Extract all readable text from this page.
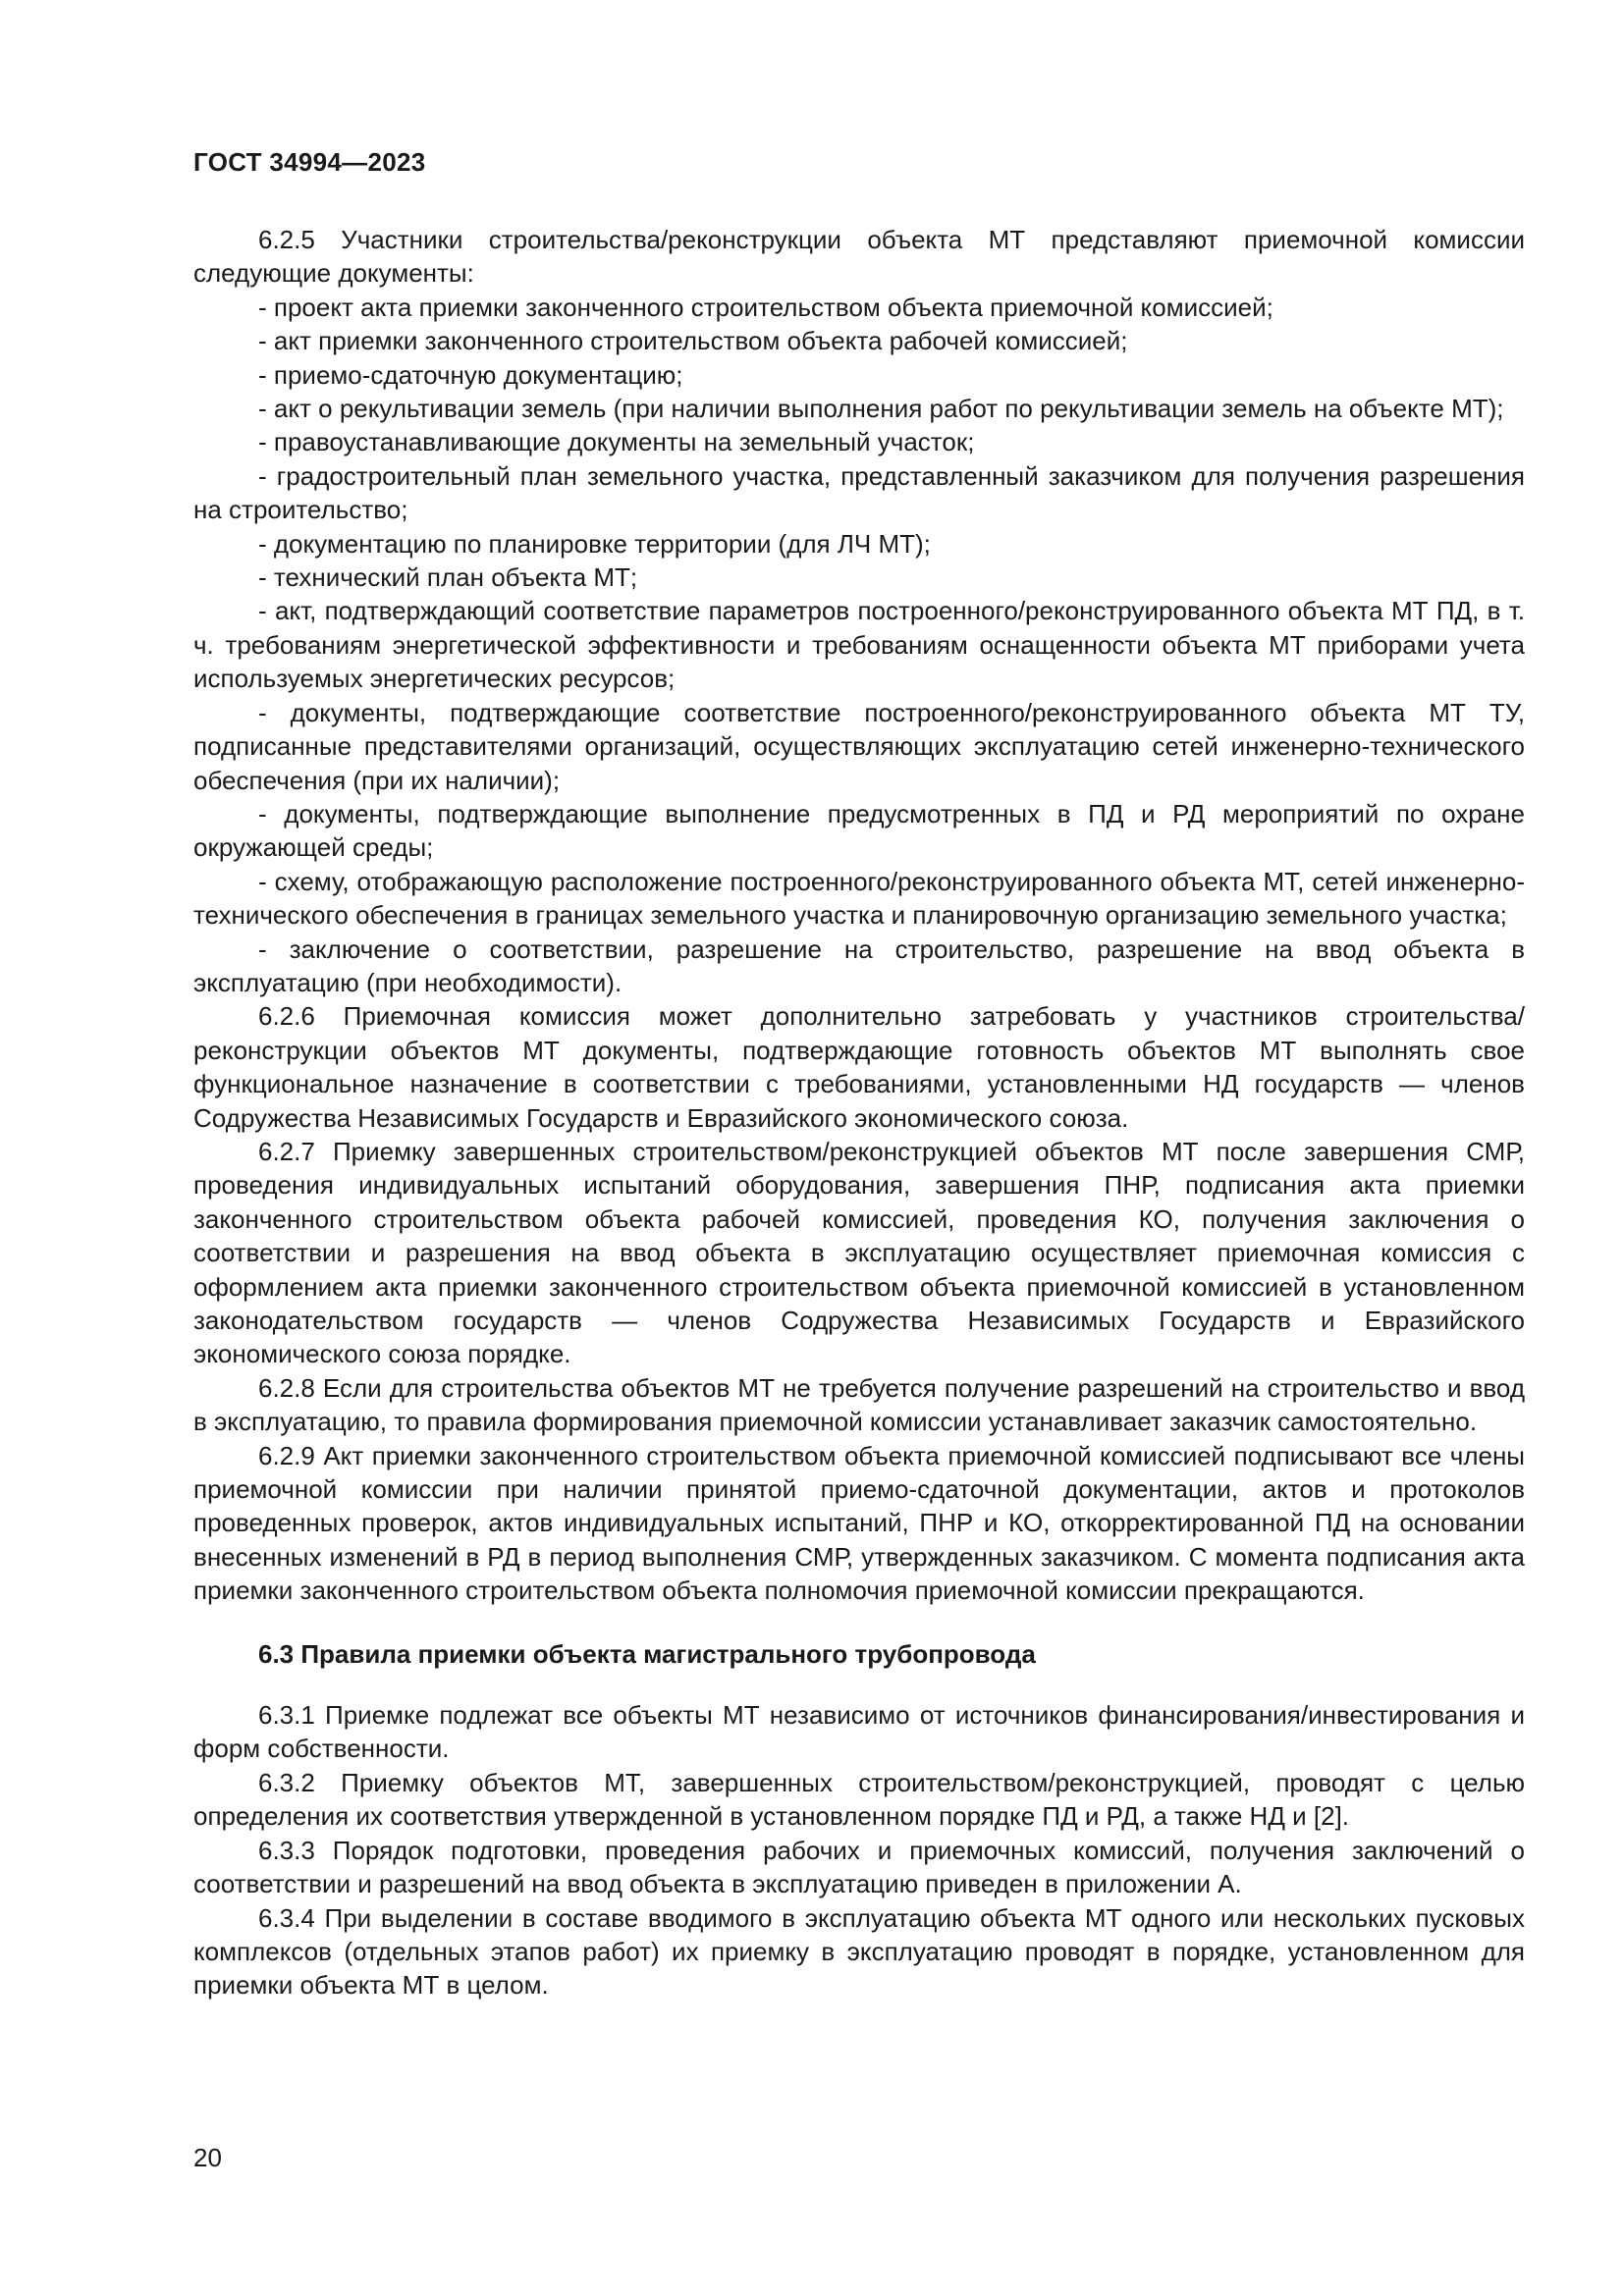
ГОСТ 34994—2023

6.2.5 Участники строительства/реконструкции объекта МТ представляют приемочной комиссии следующие документы:

- проект акта приемки законченного строительством объекта приемочной комиссией;

- акт приемки законченного строительством объекта рабочей комиссией;

- приемо-сдаточную документацию;

- акт о рекультивации земель (при наличии выполнения работ по рекультивации земель на объекте МТ);

- правоустанавливающие документы на земельный участок;

- градостроительный план земельного участка, представленный заказчиком для получения разрешения на строительство;

- документацию по планировке территории (для ЛЧ МТ);

- технический план объекта МТ;

- акт, подтверждающий соответствие параметров построенного/реконструированного объекта МТ ПД, в т. ч. требованиям энергетической эффективности и требованиям оснащенности объекта МТ приборами учета используемых энергетических ресурсов;

- документы, подтверждающие соответствие построенного/реконструированного объекта МТ ТУ, подписанные представителями организаций, осуществляющих эксплуатацию сетей инженерно-технического обеспечения (при их наличии);

- документы, подтверждающие выполнение предусмотренных в ПД и РД мероприятий по охране окружающей среды;

- схему, отображающую расположение построенного/реконструированного объекта МТ, сетей инженерно-технического обеспечения в границах земельного участка и планировочную организацию земельного участка;

- заключение о соответствии, разрешение на строительство, разрешение на ввод объекта в эксплуатацию (при необходимости).

6.2.6 Приемочная комиссия может дополнительно затребовать у участников строительства/реконструкции объектов МТ документы, подтверждающие готовность объектов МТ выполнять свое функциональное назначение в соответствии с требованиями, установленными НД государств — членов Содружества Независимых Государств и Евразийского экономического союза.

6.2.7 Приемку завершенных строительством/реконструкцией объектов МТ после завершения СМР, проведения индивидуальных испытаний оборудования, завершения ПНР, подписания акта приемки законченного строительством объекта рабочей комиссией, проведения КО, получения заключения о соответствии и разрешения на ввод объекта в эксплуатацию осуществляет приемочная комиссия с оформлением акта приемки законченного строительством объекта приемочной комиссией в установленном законодательством государств — членов Содружества Независимых Государств и Евразийского экономического союза порядке.

6.2.8 Если для строительства объектов МТ не требуется получение разрешений на строительство и ввод в эксплуатацию, то правила формирования приемочной комиссии устанавливает заказчик самостоятельно.

6.2.9 Акт приемки законченного строительством объекта приемочной комиссией подписывают все члены приемочной комиссии при наличии принятой приемо-сдаточной документации, актов и протоколов проведенных проверок, актов индивидуальных испытаний, ПНР и КО, откорректированной ПД на основании внесенных изменений в РД в период выполнения СМР, утвержденных заказчиком. С момента подписания акта приемки законченного строительством объекта полномочия приемочной комиссии прекращаются.

6.3 Правила приемки объекта магистрального трубопровода

6.3.1 Приемке подлежат все объекты МТ независимо от источников финансирования/инвестирования и форм собственности.

6.3.2 Приемку объектов МТ, завершенных строительством/реконструкцией, проводят с целью определения их соответствия утвержденной в установленном порядке ПД и РД, а также НД и [2].

6.3.3 Порядок подготовки, проведения рабочих и приемочных комиссий, получения заключений о соответствии и разрешений на ввод объекта в эксплуатацию приведен в приложении А.

6.3.4 При выделении в составе вводимого в эксплуатацию объекта МТ одного или нескольких пусковых комплексов (отдельных этапов работ) их приемку в эксплуатацию проводят в порядке, установленном для приемки объекта МТ в целом.

20
